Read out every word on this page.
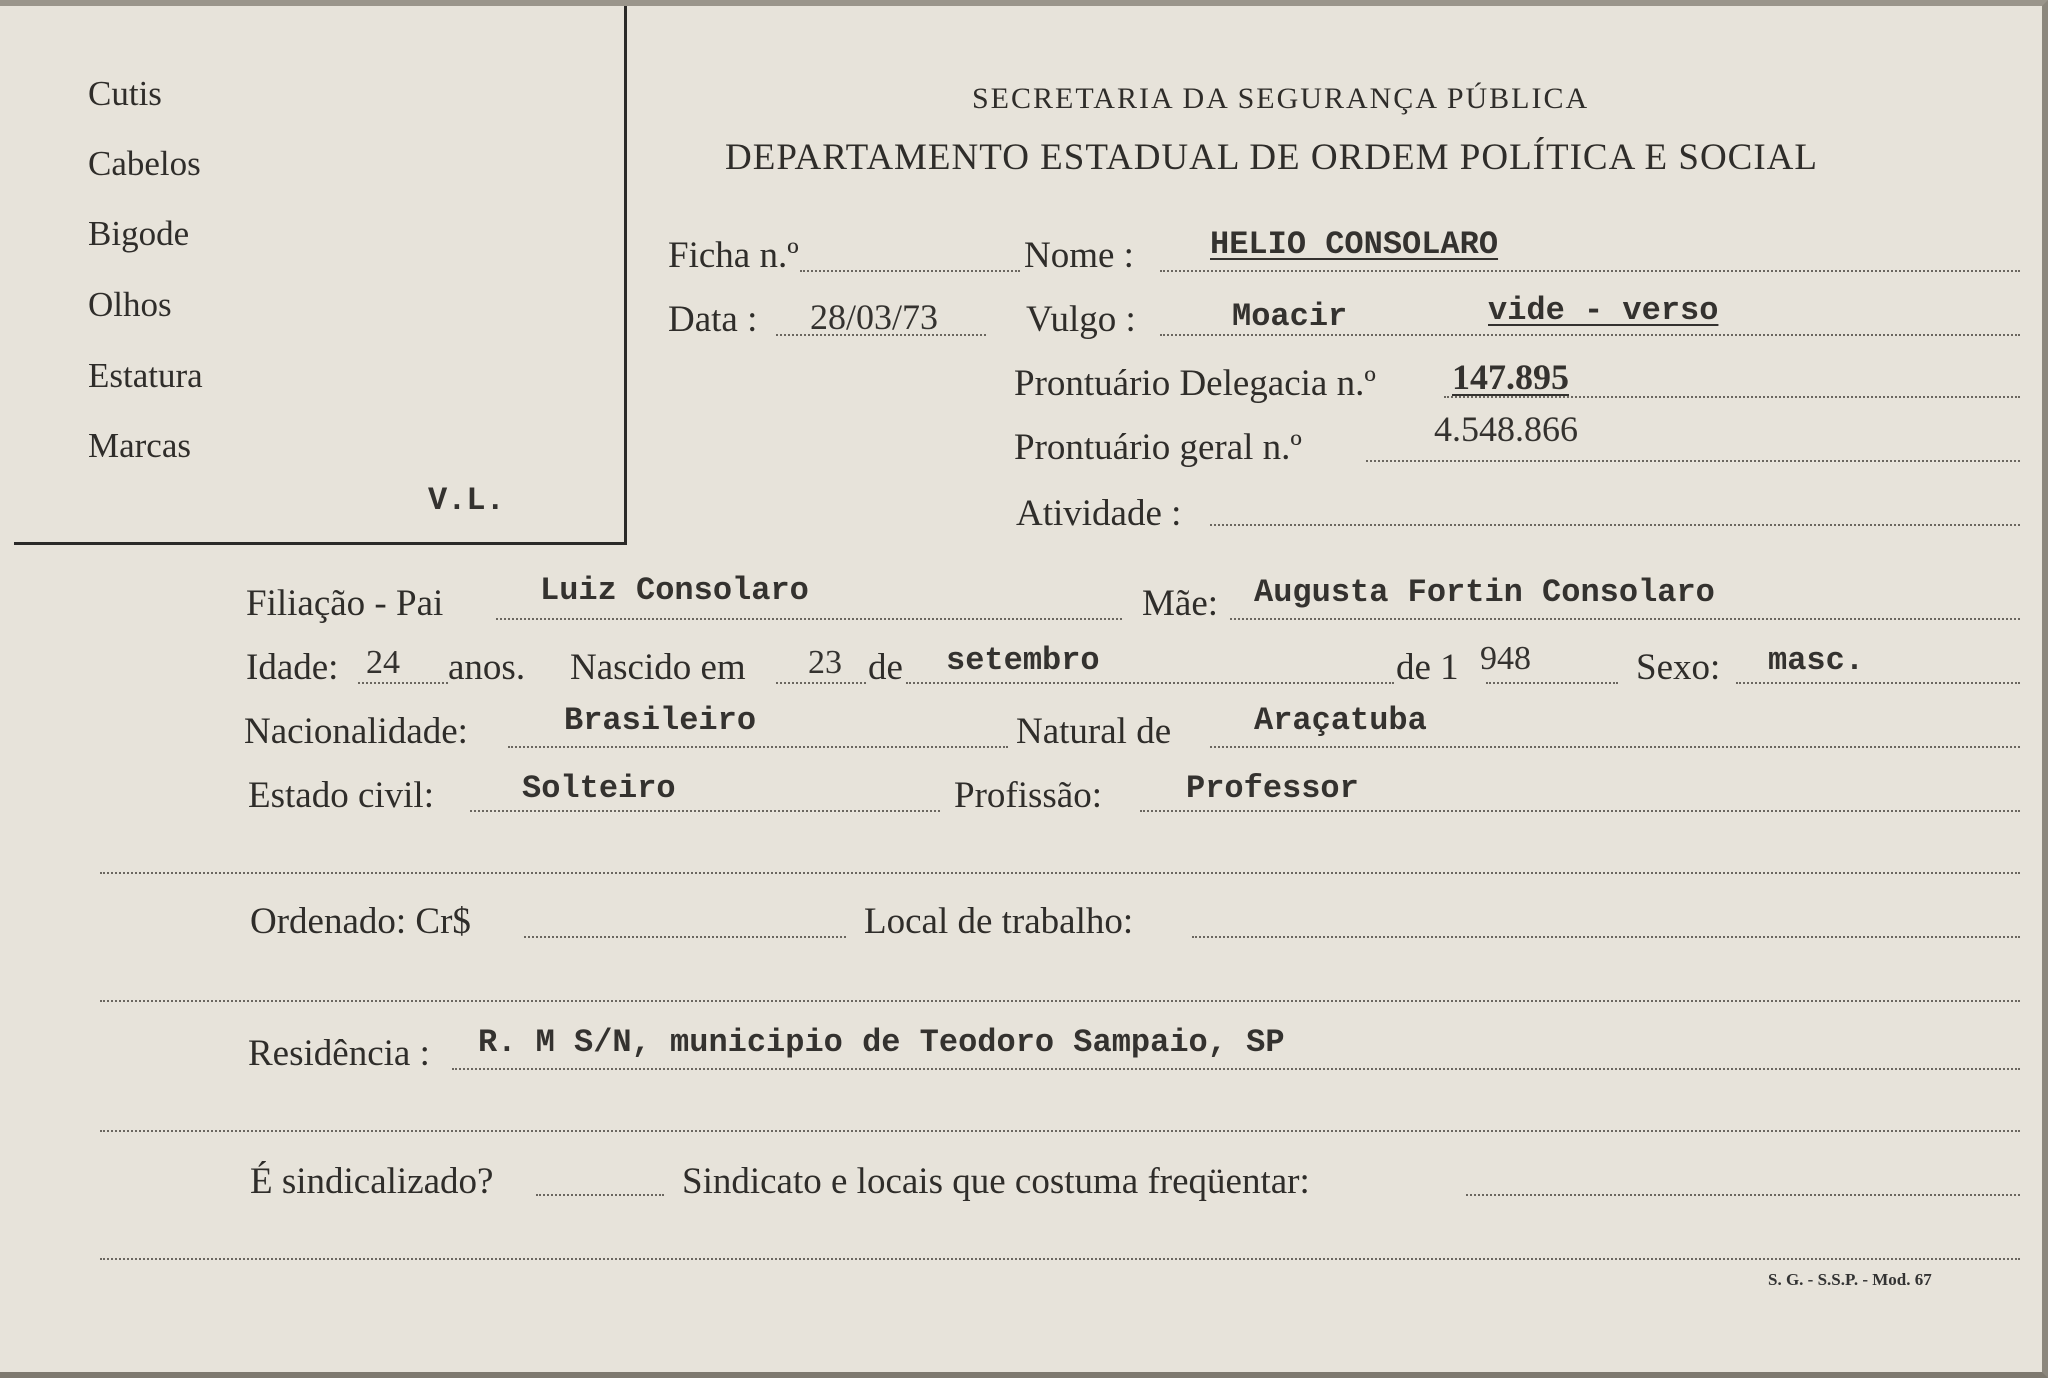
Cutis
Cabelos
Bigode
Olhos
Estatura
Marcas
V.L.
SECRETARIA DA SEGURANÇA PÚBLICA
DEPARTAMENTO ESTADUAL DE ORDEM POLÍTICA E SOCIAL
Ficha n.º	Nome : HELIO CONSOLARO
Data : 28/03/73 Vulgo :	Moacir	vide - verso
Prontuário Delegacia n.º 147.895
Prontuário geral n.º	4.548.866
Atividade :
Filiação - Pai	Luiz Consolaro	Mãe: Augusta Fortin Consolaro
Idade: 24 anos. Nascido em 23 de setembro	de 1 948	Sexo: masc.
Nacionalidade:	Brasileiro	Natural de	Araçatuba
Estado civil:	Solteiro	Profissão:	Professor
Ordenado: Cr$	Local de trabalho:
Residência : R. M S/N, municipio de Teodoro Sampaio, SP
É sindicalizado?	Sindicato e locais que costuma freqüentar:
S. G. - S.S.P. - Mod. 67
